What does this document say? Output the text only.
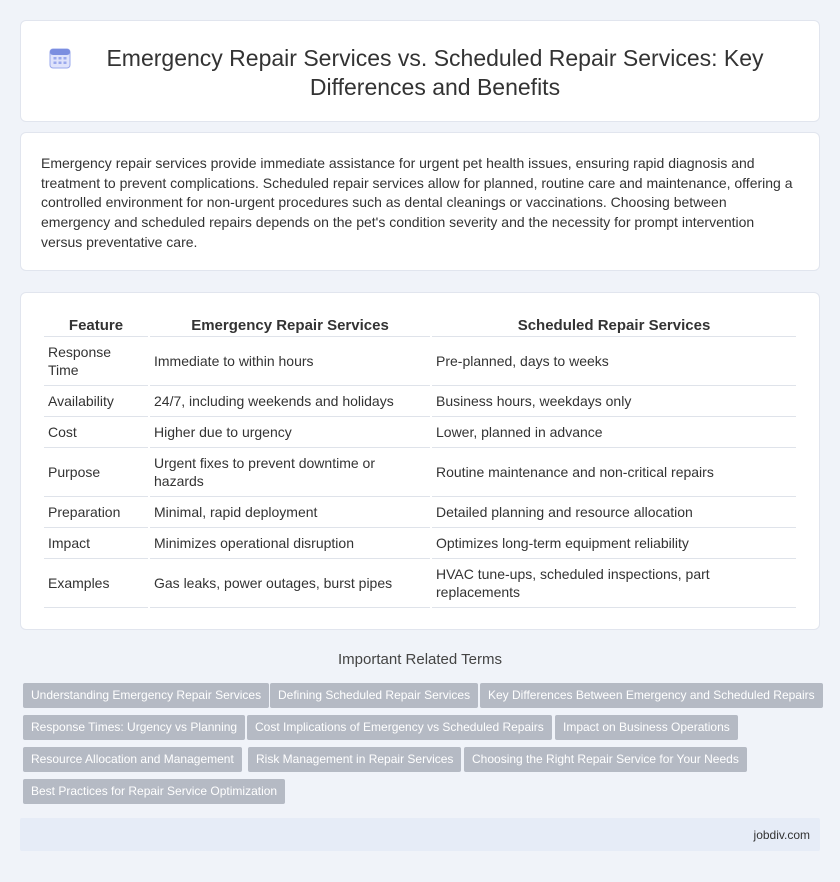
Emergency Repair Services vs. Scheduled Repair Services: Key Differences and Benefits

Emergency repair services provide immediate assistance for urgent pet health issues, ensuring rapid diagnosis and treatment to prevent complications. Scheduled repair services allow for planned, routine care and maintenance, offering a controlled environment for non-urgent procedures such as dental cleanings or vaccinations. Choosing between emergency and scheduled repairs depends on the pet's condition severity and the necessity for prompt intervention versus preventative care.

Feature	Emergency Repair Services	Scheduled Repair Services
Response Time	Immediate to within hours	Pre-planned, days to weeks
Availability	24/7, including weekends and holidays	Business hours, weekdays only
Cost	Higher due to urgency	Lower, planned in advance
Purpose	Urgent fixes to prevent downtime or hazards	Routine maintenance and non-critical repairs
Preparation	Minimal, rapid deployment	Detailed planning and resource allocation
Impact	Minimizes operational disruption	Optimizes long-term equipment reliability
Examples	Gas leaks, power outages, burst pipes	HVAC tune-ups, scheduled inspections, part replacements
Important Related Terms
Understanding Emergency Repair Services	Defining Scheduled Repair Services	Key Differences Between Emergency and Scheduled Repairs
Response Times: Urgency vs Planning	Cost Implications of Emergency vs Scheduled Repairs	Impact on Business Operations
Resource Allocation and Management	Risk Management in Repair Services	Choosing the Right Repair Service for Your Needs
Best Practices for Repair Service Optimization
jobdiv.com
